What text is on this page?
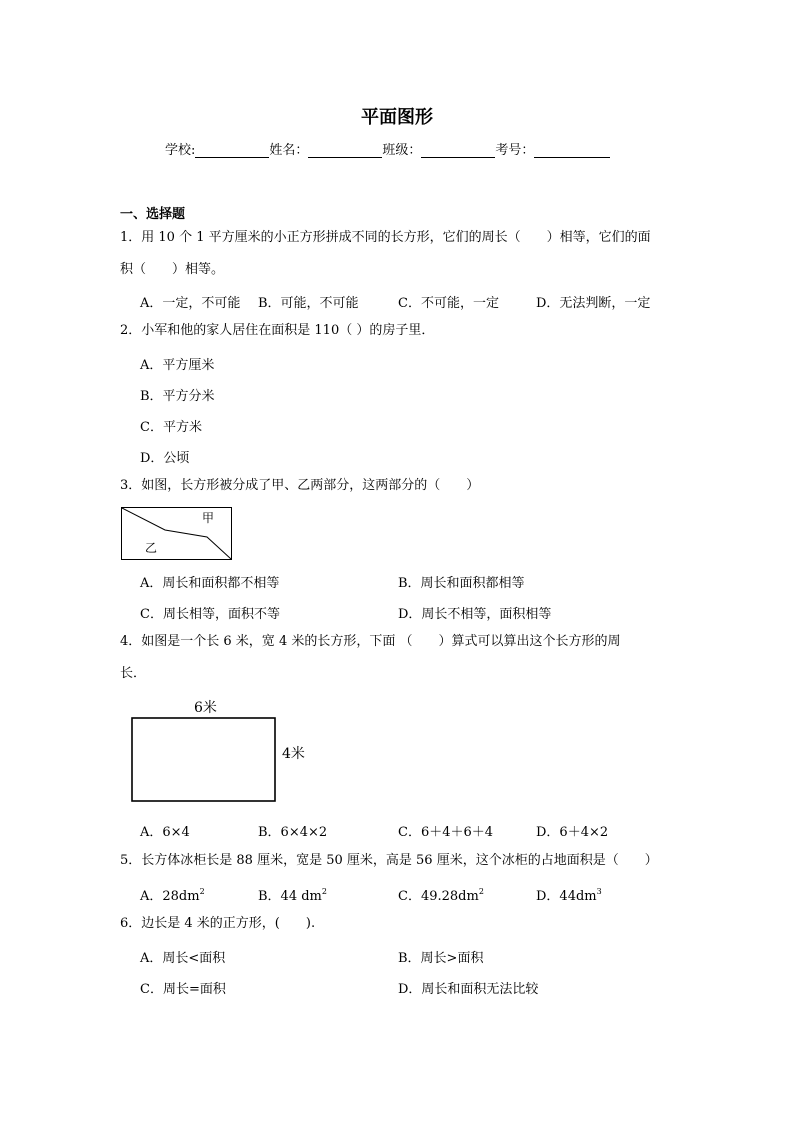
平面图形
学校:	姓名：	班级：	考号：
一、选择题
1．用 10 个 1 平方厘米的小正方形拼成不同的长方形，它们的周长（　　）相等，它们的面
积（　　）相等。
A．一定，不可能 B．可能，不可能	C．不可能，一定	D．无法判断，一定
2．小军和他的家人居住在面积是 110（ ）的房子里．
A．平方厘米
B．平方分米
C．平方米
D．公顷
3．如图，长方形被分成了甲、乙两部分，这两部分的（　　）
甲
乙
A．周长和面积都不相等	B．周长和面积都相等
C．周长相等，面积不等	D．周长不相等，面积相等
4．如图是一个长 6 米，宽 4 米的长方形，下面 （　　）算式可以算出这个长方形的周
长．
6米
4米
A．6×4	B．6×4×2	C．6＋4＋6＋4	D．6＋4×2
5．长方体冰柜长是 88 厘米，宽是 50 厘米，高是 56 厘米，这个冰柜的占地面积是（　　）
A．$28dm^2$	B．44 $dm^2$	C．$49.28dm^2$	D．$44dm^3$
6．边长是 4 米的正方形，(　　).
A．周长<面积	B．周长>面积
C．周长=面积	D．周长和面积无法比较
